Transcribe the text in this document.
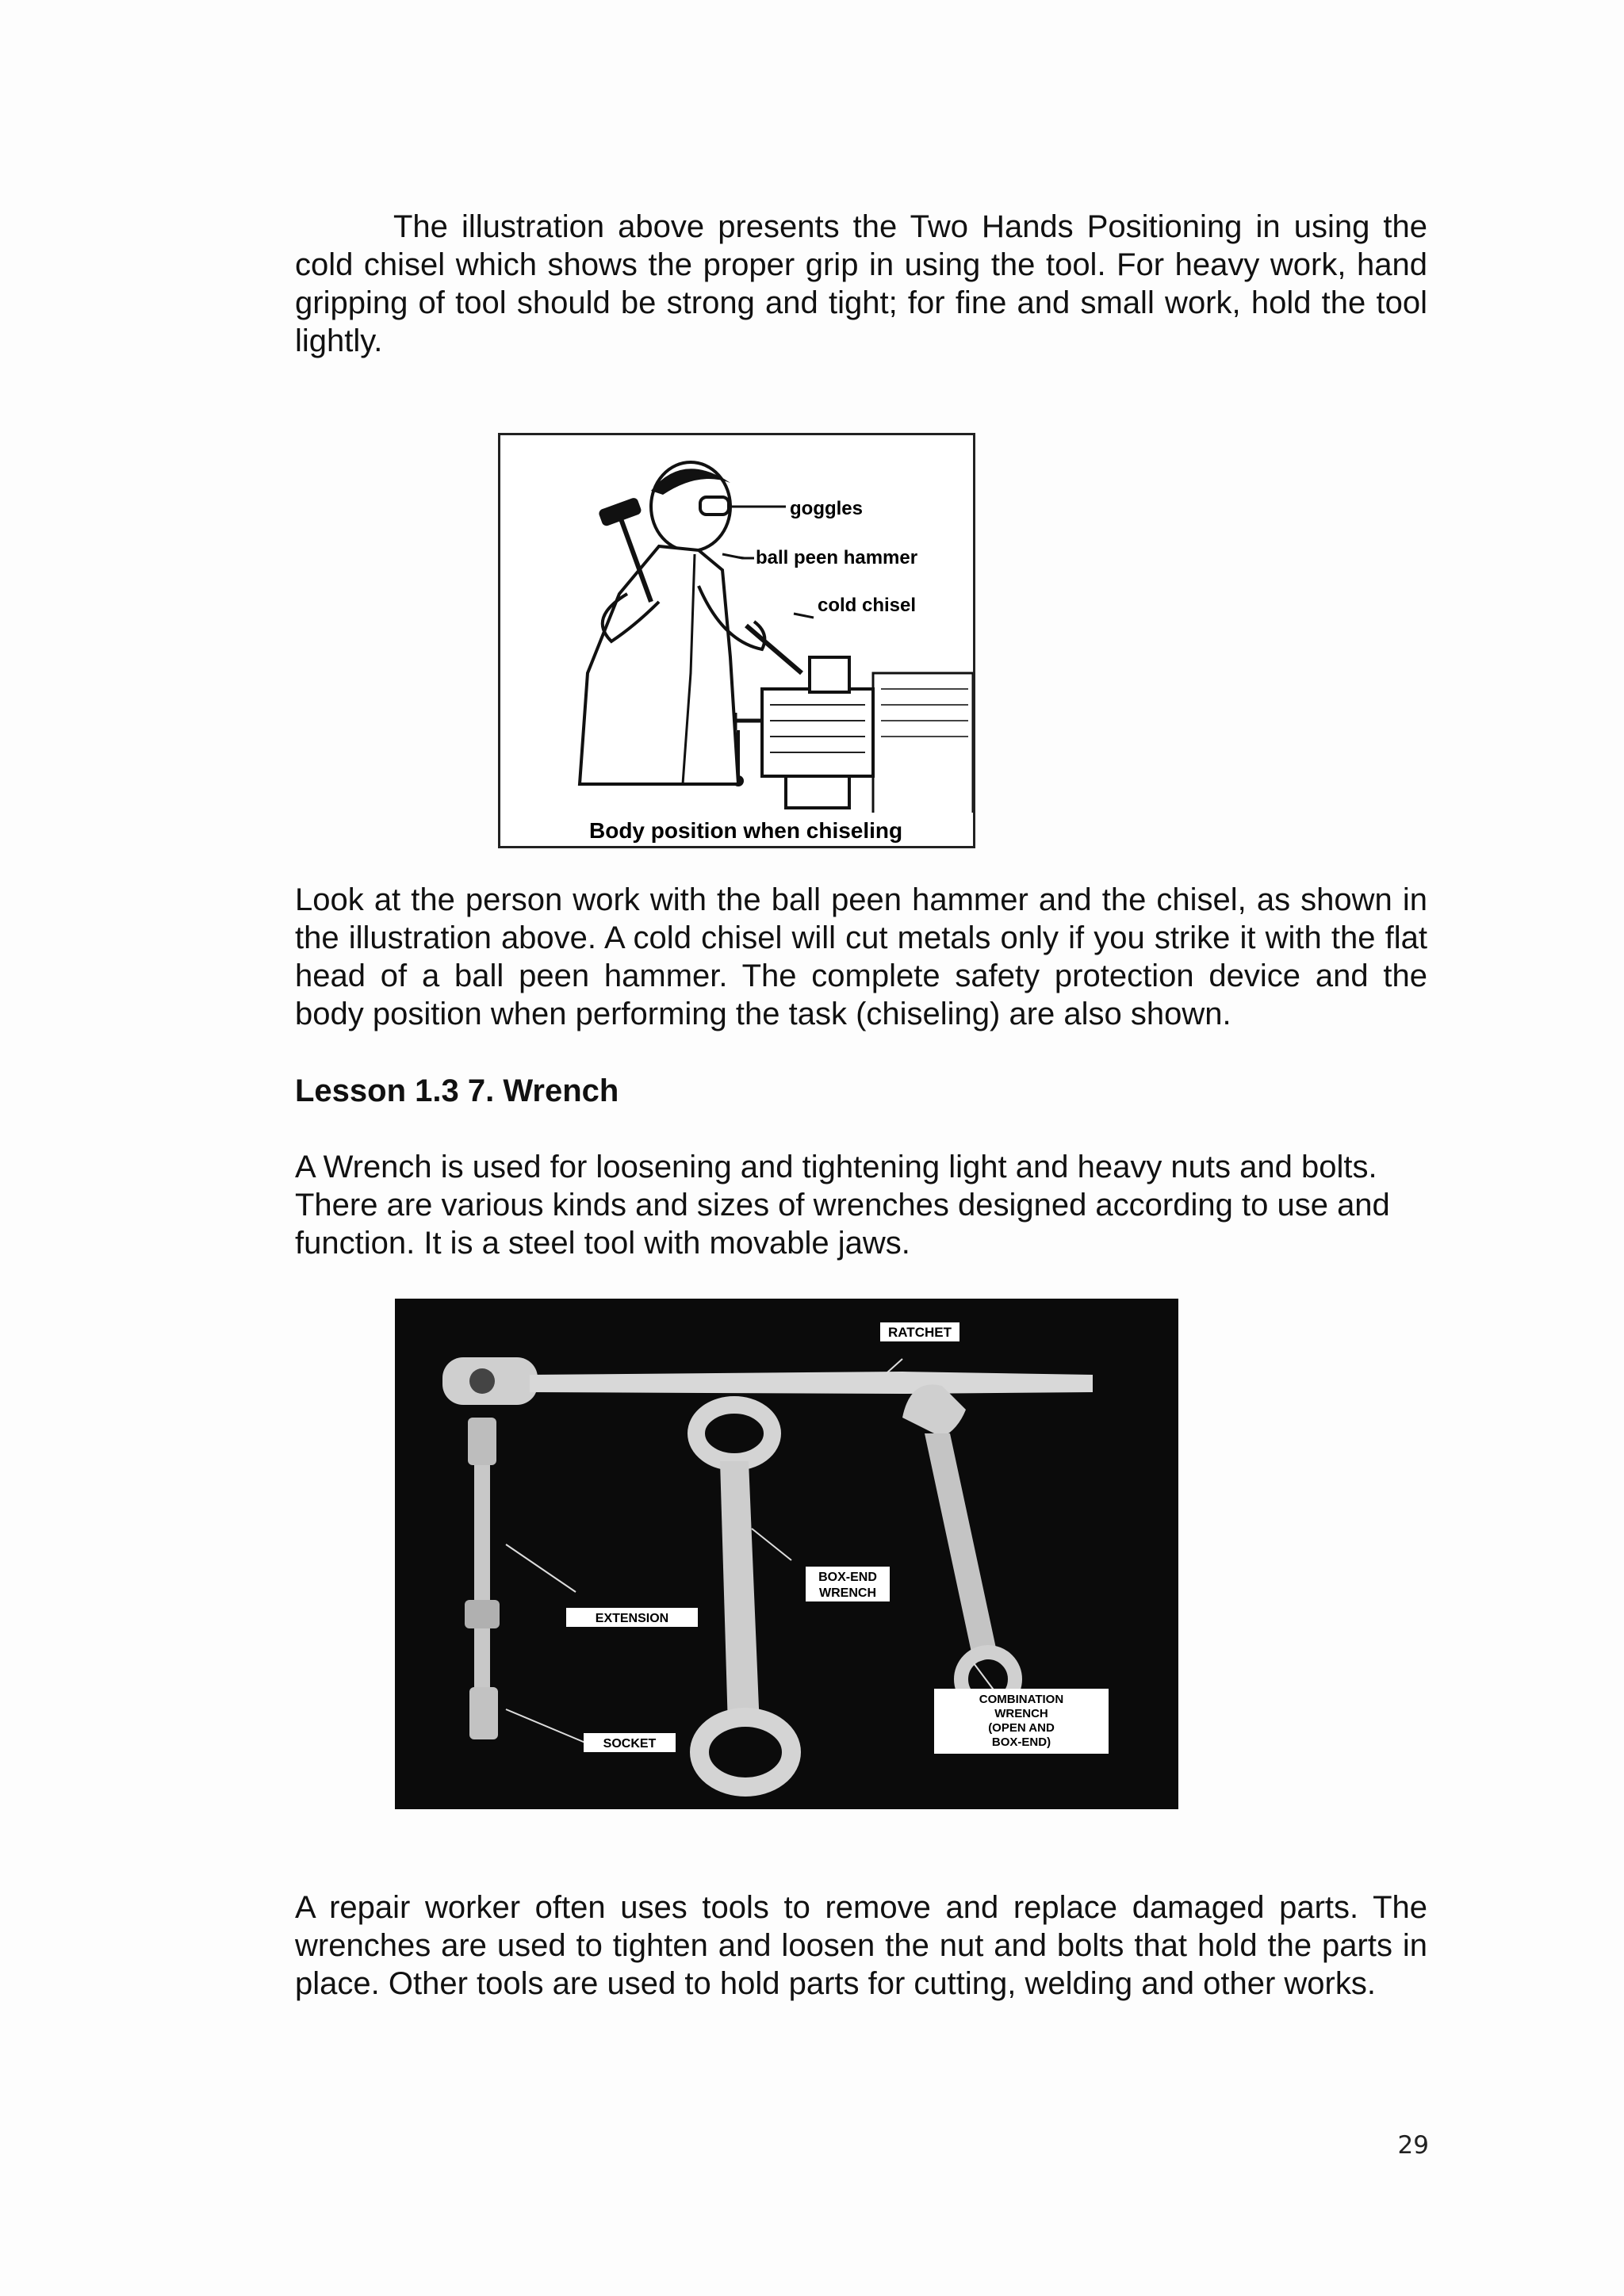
The illustration above presents the Two Hands Positioning in using the cold chisel which shows the proper grip in using the tool. For heavy work, hand gripping of tool should be strong and tight; for fine and small work, hold the tool lightly.

goggles
ball peen hammer
cold chisel
Body position when chiseling

Look at the person work with the ball peen hammer and the chisel, as shown in the illustration above. A cold chisel will cut metals only if you strike it with the flat head of a ball peen hammer. The complete safety protection device and the body position when performing the task (chiseling) are also shown.

Lesson 1.3 7. Wrench

A Wrench is used for loosening and tightening light and heavy nuts and bolts. There are various kinds and sizes of wrenches designed according to use and function. It is a steel tool with movable jaws.

RATCHET
BOX-END
WRENCH
EXTENSION
SOCKET
COMBINATION
WRENCH
(OPEN AND
BOX-END)

A repair worker often uses tools to remove and replace damaged parts. The wrenches are used to tighten and loosen the nut and bolts that hold the parts in place. Other tools are used to hold parts for cutting, welding and other works.

29
